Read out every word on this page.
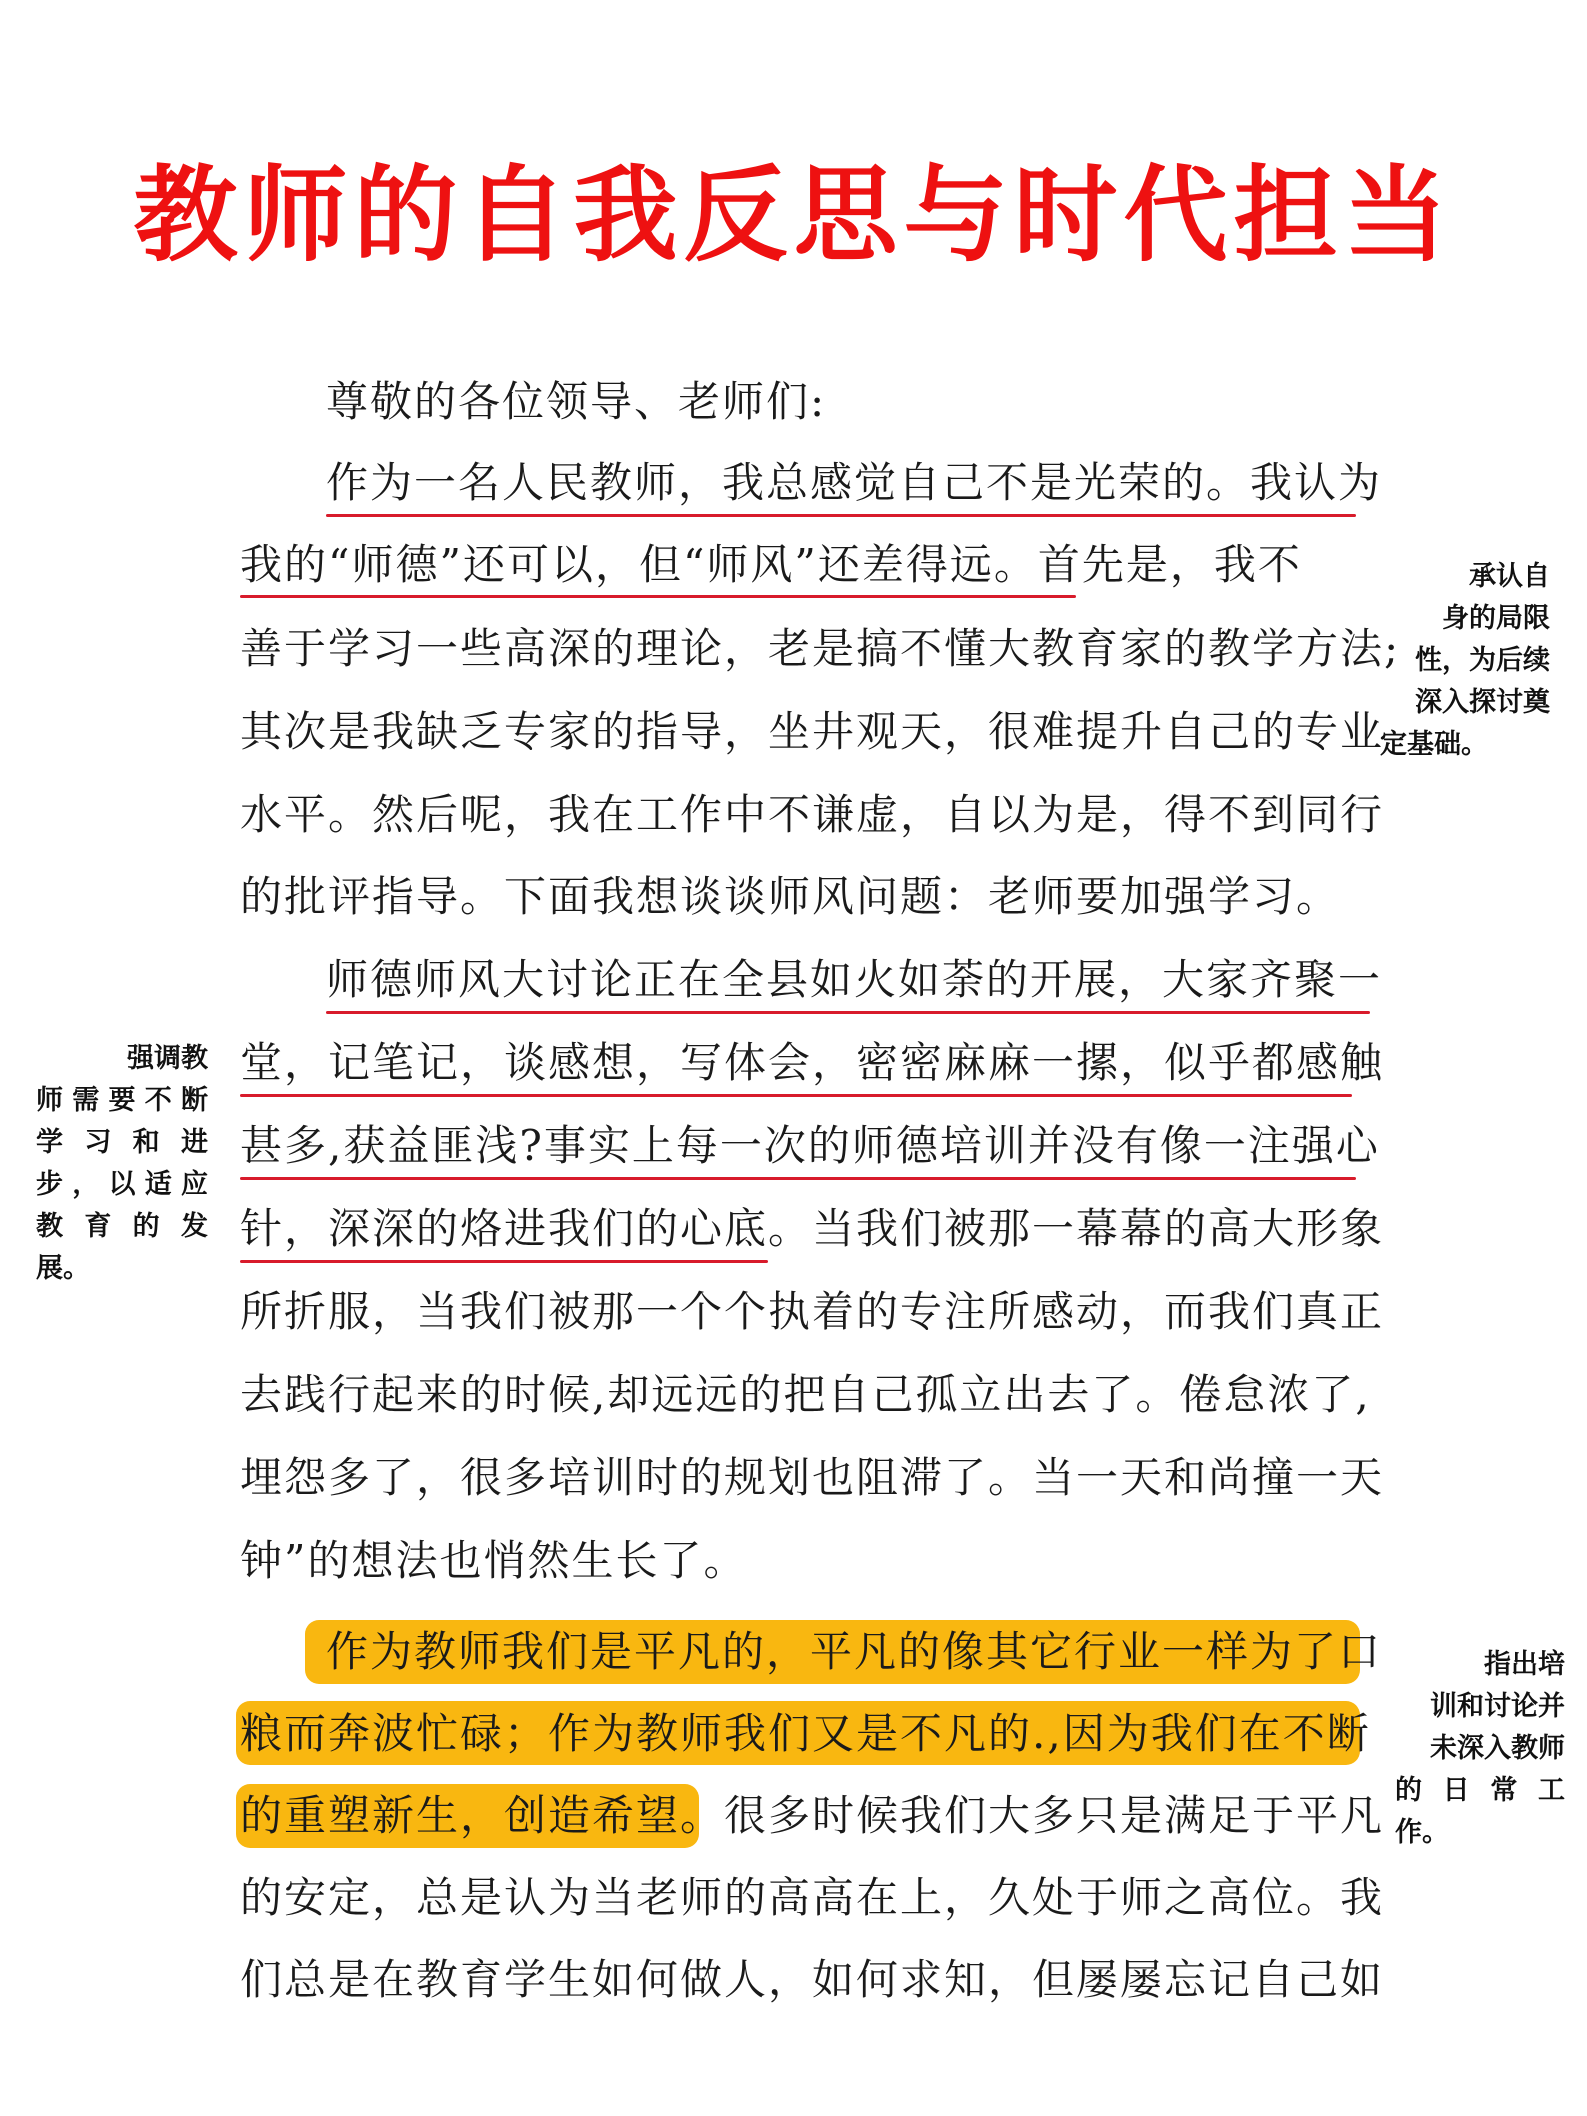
教师的自我反思与时代担当
尊敬的各位领导、老师们:
作为一名人民教师，我总感觉自己不是光荣的。我认为
我的“师德”还可以，但“师风”还差得远。首先是，我不
善于学习一些高深的理论，老是搞不懂大教育家的教学方法;
其次是我缺乏专家的指导，坐井观天，很难提升自己的专业
水平。然后呢，我在工作中不谦虚，自以为是，得不到同行
的批评指导。下面我想谈谈师风问题：老师要加强学习。
师德师风大讨论正在全县如火如荼的开展，大家齐聚一
堂，记笔记，谈感想，写体会，密密麻麻一摞，似乎都感触
甚多,获益匪浅?事实上每一次的师德培训并没有像一注强心
针，深深的烙进我们的心底。当我们被那一幕幕的高大形象
所折服，当我们被那一个个执着的专注所感动，而我们真正
去践行起来的时候,却远远的把自己孤立出去了。倦怠浓了,
埋怨多了，很多培训时的规划也阻滞了。当一天和尚撞一天
钟”的想法也悄然生长了。
作为教师我们是平凡的，平凡的像其它行业一样为了口
粮而奔波忙碌；作为教师我们又是不凡的.,因为我们在不断
的重塑新生，创造希望。很多时候我们大多只是满足于平凡
的安定，总是认为当老师的高高在上，久处于师之高位。我
们总是在教育学生如何做人，如何求知，但屡屡忘记自己如
承认自
身的局限
性，为后续
深入探讨奠
定基础。
强调教
师需要不断
学习和进
步，以适应
教育的发
展。
指出培
训和讨论并
未深入教师
的日常工
作。
